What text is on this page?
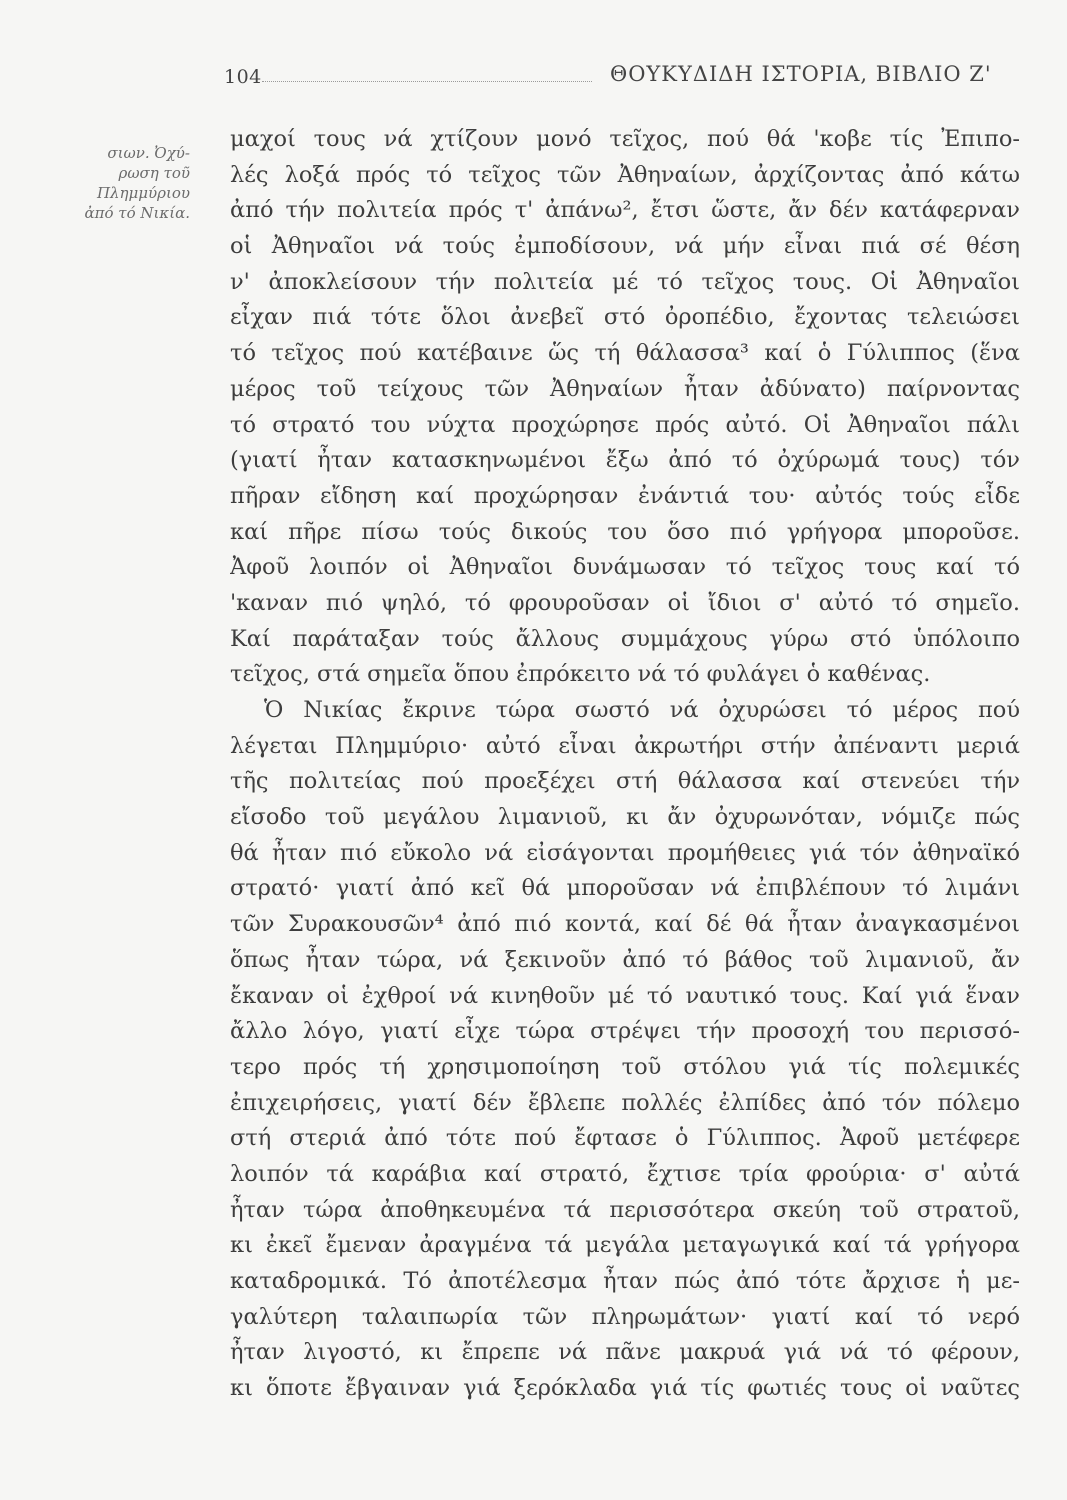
104	ΘΟΥΚΥΔΙΔΗ ΙΣΤΟΡΙΑ, ΒΙΒΛΙΟ Ζ'
σιων. Ὀχύ-
ρωση τοῦ
Πλημμύριου
ἀπό τό Νικία.
μαχοί τους νά χτίζουν μονό τεῖχος, πού θά 'κοβε τίς Ἐπιπο-
λές λοξά πρός τό τεῖχος τῶν Ἀθηναίων, ἀρχίζοντας ἀπό κάτω
ἀπό τήν πολιτεία πρός τ' ἀπάνω², ἔτσι ὥστε, ἄν δέν κατάφερναν
οἱ Ἀθηναῖοι νά τούς ἐμποδίσουν, νά μήν εἶναι πιά σέ θέση
ν' ἀποκλείσουν τήν πολιτεία μέ τό τεῖχος τους. Οἱ Ἀθηναῖοι
εἶχαν πιά τότε ὅλοι ἀνεβεῖ στό ὀροπέδιο, ἔχοντας τελειώσει
τό τεῖχος πού κατέβαινε ὥς τή θάλασσα³ καί ὁ Γύλιππος (ἕνα
μέρος τοῦ τείχους τῶν Ἀθηναίων ἦταν ἀδύνατο) παίρνοντας
τό στρατό του νύχτα προχώρησε πρός αὐτό. Οἱ Ἀθηναῖοι πάλι
(γιατί ἦταν κατασκηνωμένοι ἔξω ἀπό τό ὀχύρωμά τους) τόν
πῆραν εἴδηση καί προχώρησαν ἐνάντιά του· αὐτός τούς εἶδε
καί πῆρε πίσω τούς δικούς του ὅσο πιό γρήγορα μποροῦσε.
Ἀφοῦ λοιπόν οἱ Ἀθηναῖοι δυνάμωσαν τό τεῖχος τους καί τό
'καναν πιό ψηλό, τό φρουροῦσαν οἱ ἴδιοι σ' αὐτό τό σημεῖο.
Καί παράταξαν τούς ἄλλους συμμάχους γύρω στό ὑπόλοιπο
τεῖχος, στά σημεῖα ὅπου ἐπρόκειτο νά τό φυλάγει ὁ καθένας.
Ὁ Νικίας ἔκρινε τώρα σωστό νά ὀχυρώσει τό μέρος πού
λέγεται Πλημμύριο· αὐτό εἶναι ἀκρωτήρι στήν ἀπέναντι μεριά
τῆς πολιτείας πού προεξέχει στή θάλασσα καί στενεύει τήν
εἴσοδο τοῦ μεγάλου λιμανιοῦ, κι ἄν ὀχυρωνόταν, νόμιζε πώς
θά ἦταν πιό εὔκολο νά εἰσάγονται προμήθειες γιά τόν ἀθηναϊκό
στρατό· γιατί ἀπό κεῖ θά μποροῦσαν νά ἐπιβλέπουν τό λιμάνι
τῶν Συρακουσῶν⁴ ἀπό πιό κοντά, καί δέ θά ἦταν ἀναγκασμένοι
ὅπως ἦταν τώρα, νά ξεκινοῦν ἀπό τό βάθος τοῦ λιμανιοῦ, ἄν
ἔκαναν οἱ ἐχθροί νά κινηθοῦν μέ τό ναυτικό τους. Καί γιά ἕναν
ἄλλο λόγο, γιατί εἶχε τώρα στρέψει τήν προσοχή του περισσό-
τερο πρός τή χρησιμοποίηση τοῦ στόλου γιά τίς πολεμικές
ἐπιχειρήσεις, γιατί δέν ἔβλεπε πολλές ἐλπίδες ἀπό τόν πόλεμο
στή στεριά ἀπό τότε πού ἔφτασε ὁ Γύλιππος. Ἀφοῦ μετέφερε
λοιπόν τά καράβια καί στρατό, ἔχτισε τρία φρούρια· σ' αὐτά
ἦταν τώρα ἀποθηκευμένα τά περισσότερα σκεύη τοῦ στρατοῦ,
κι ἐκεῖ ἔμεναν ἀραγμένα τά μεγάλα μεταγωγικά καί τά γρήγορα
καταδρομικά. Τό ἀποτέλεσμα ἦταν πώς ἀπό τότε ἄρχισε ἡ με-
γαλύτερη ταλαιπωρία τῶν πληρωμάτων· γιατί καί τό νερό
ἦταν λιγοστό, κι ἔπρεπε νά πᾶνε μακρυά γιά νά τό φέρουν,
κι ὅποτε ἔβγαιναν γιά ξερόκλαδα γιά τίς φωτιές τους οἱ ναῦτες
